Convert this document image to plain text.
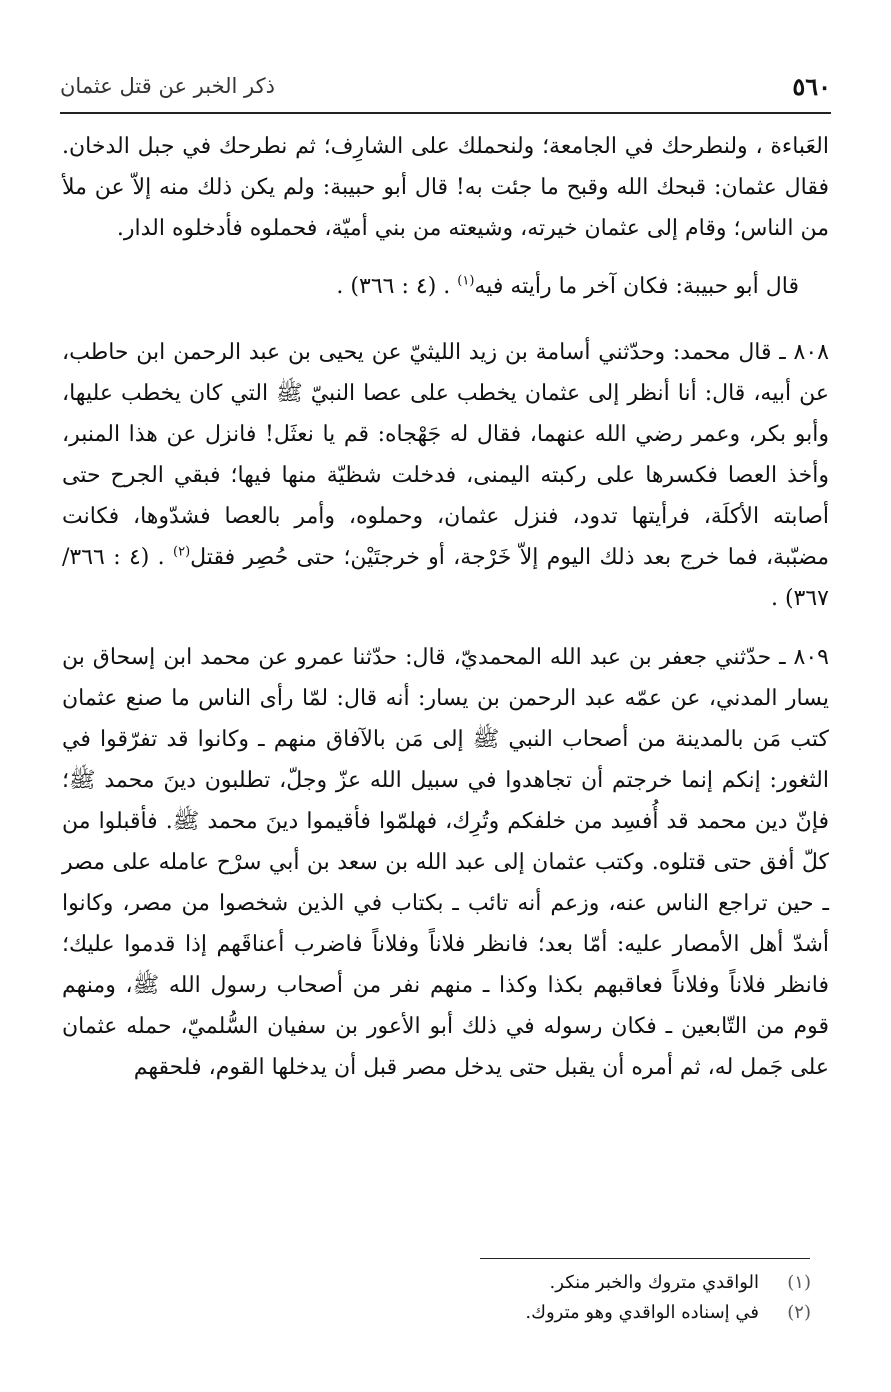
٥٦٠
ذكر الخبر عن قتل عثمان

العَباءة ، ولنطرحك في الجامعة؛ ولنحملك على الشارِف؛ ثم نطرحك في جبل الدخان. فقال عثمان: قبحك الله وقبح ما جئت به! قال أبو حبيبة: ولم يكن ذلك منه إلاّ عن ملأ من الناس؛ وقام إلى عثمان خيرته، وشيعته من بني أميّة، فحملوه فأدخلوه الدار.

قال أبو حبيبة: فكان آخر ما رأيته فيه$^{(١)}$ . (٤ : ٣٦٦) .

٨٠٨ ـ قال محمد: وحدّثني أسامة بن زيد الليثيّ عن يحيى بن عبد الرحمن ابن حاطب، عن أبيه، قال: أنا أنظر إلى عثمان يخطب على عصا النبيّ ﷺ التي كان يخطب عليها، وأبو بكر، وعمر رضي الله عنهما، فقال له جَهْجاه: قم يا نعثَل! فانزل عن هذا المنبر، وأخذ العصا فكسرها على ركبته اليمنى، فدخلت شظيّة منها فيها؛ فبقي الجرح حتى أصابته الأكلَة، فرأيتها تدود، فنزل عثمان، وحملوه، وأمر بالعصا فشدّوها، فكانت مضبّبة، فما خرج بعد ذلك اليوم إلاّ خَرْجة، أو خرجتَيْن؛ حتى حُصِر فقتل$^{(٢)}$ . (٤ : ٣٦٦/ ٣٦٧) .

٨٠٩ ـ حدّثني جعفر بن عبد الله المحمديّ، قال: حدّثنا عمرو عن محمد ابن إسحاق بن يسار المدني، عن عمّه عبد الرحمن بن يسار: أنه قال: لمّا رأى الناس ما صنع عثمان كتب مَن بالمدينة من أصحاب النبي ﷺ إلى مَن بالآفاق منهم ـ وكانوا قد تفرّقوا في الثغور: إنكم إنما خرجتم أن تجاهدوا في سبيل الله عزّ وجلّ، تطلبون دينَ محمد ﷺ؛ فإنّ دين محمد قد أُفسِد من خلفكم وتُرِك، فهلمّوا فأقيموا دينَ محمد ﷺ. فأقبلوا من كلّ أفق حتى قتلوه. وكتب عثمان إلى عبد الله بن سعد بن أبي سرْح عامله على مصر ـ حين تراجع الناس عنه، وزعم أنه تائب ـ بكتاب في الذين شخصوا من مصر، وكانوا أشدّ أهل الأمصار عليه: أمّا بعد؛ فانظر فلاناً وفلاناً فاضرب أعناقَهم إذا قدموا عليك؛ فانظر فلاناً وفلاناً فعاقبهم بكذا وكذا ـ منهم نفر من أصحاب رسول الله ﷺ، ومنهم قوم من التّابعين ـ فكان رسوله في ذلك أبو الأعور بن سفيان السُّلميّ، حمله عثمان على جَمل له، ثم أمره أن يقبل حتى يدخل مصر قبل أن يدخلها القوم، فلحقهم

(١)
الواقدي متروك والخبر منكر.
(٢)
في إسناده الواقدي وهو متروك.
